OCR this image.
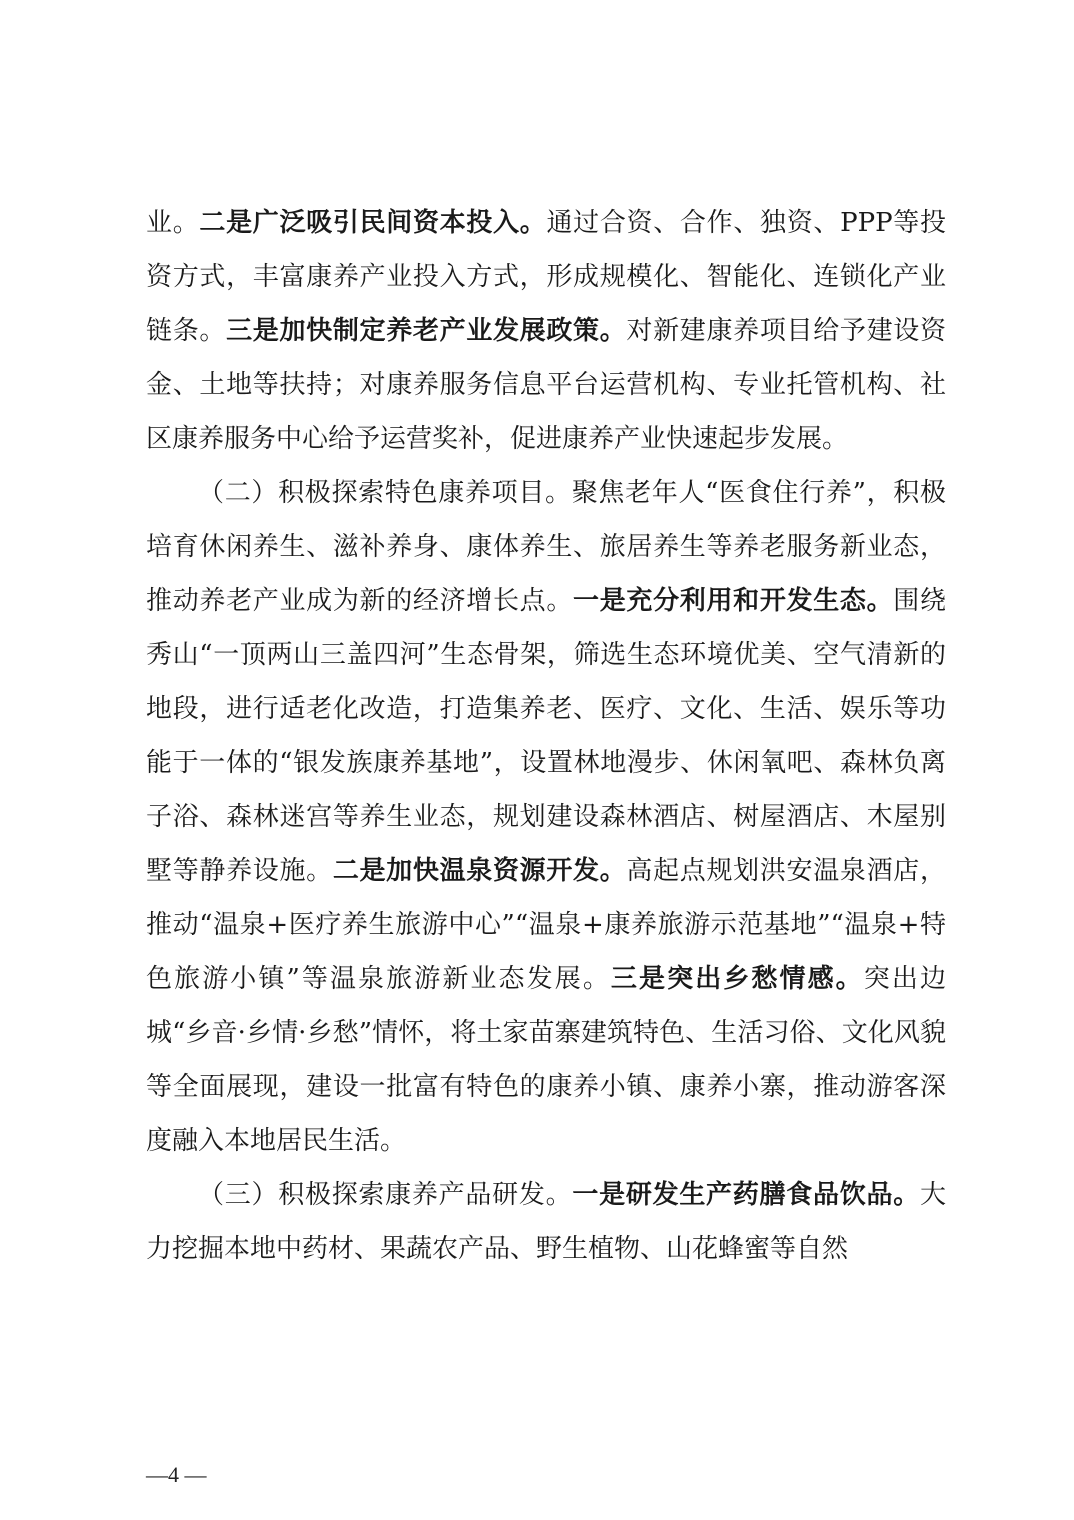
业。二是广泛吸引民间资本投入。通过合资、合作、独资、PPP等投资方式，丰富康养产业投入方式，形成规模化、智能化、连锁化产业链条。三是加快制定养老产业发展政策。对新建康养项目给予建设资金、土地等扶持；对康养服务信息平台运营机构、专业托管机构、社区康养服务中心给予运营奖补，促进康养产业快速起步发展。

（二）积极探索特色康养项目。聚焦老年人“医食住行养”，积极培育休闲养生、滋补养身、康体养生、旅居养生等养老服务新业态，推动养老产业成为新的经济增长点。一是充分利用和开发生态。围绕秀山“一顶两山三盖四河”生态骨架，筛选生态环境优美、空气清新的地段，进行适老化改造，打造集养老、医疗、文化、生活、娱乐等功能于一体的“银发族康养基地”，设置林地漫步、休闲氧吧、森林负离子浴、森林迷宫等养生业态，规划建设森林酒店、树屋酒店、木屋别墅等静养设施。二是加快温泉资源开发。高起点规划洪安温泉酒店，推动“温泉+医疗养生旅游中心”“温泉+康养旅游示范基地”“温泉+特色旅游小镇”等温泉旅游新业态发展。三是突出乡愁情感。突出边城“乡音·乡情·乡愁”情怀，将土家苗寨建筑特色、生活习俗、文化风貌等全面展现，建设一批富有特色的康养小镇、康养小寨，推动游客深度融入本地居民生活。

（三）积极探索康养产品研发。一是研发生产药膳食品饮品。大力挖掘本地中药材、果蔬农产品、野生植物、山花蜂蜜等自然

—4 —
